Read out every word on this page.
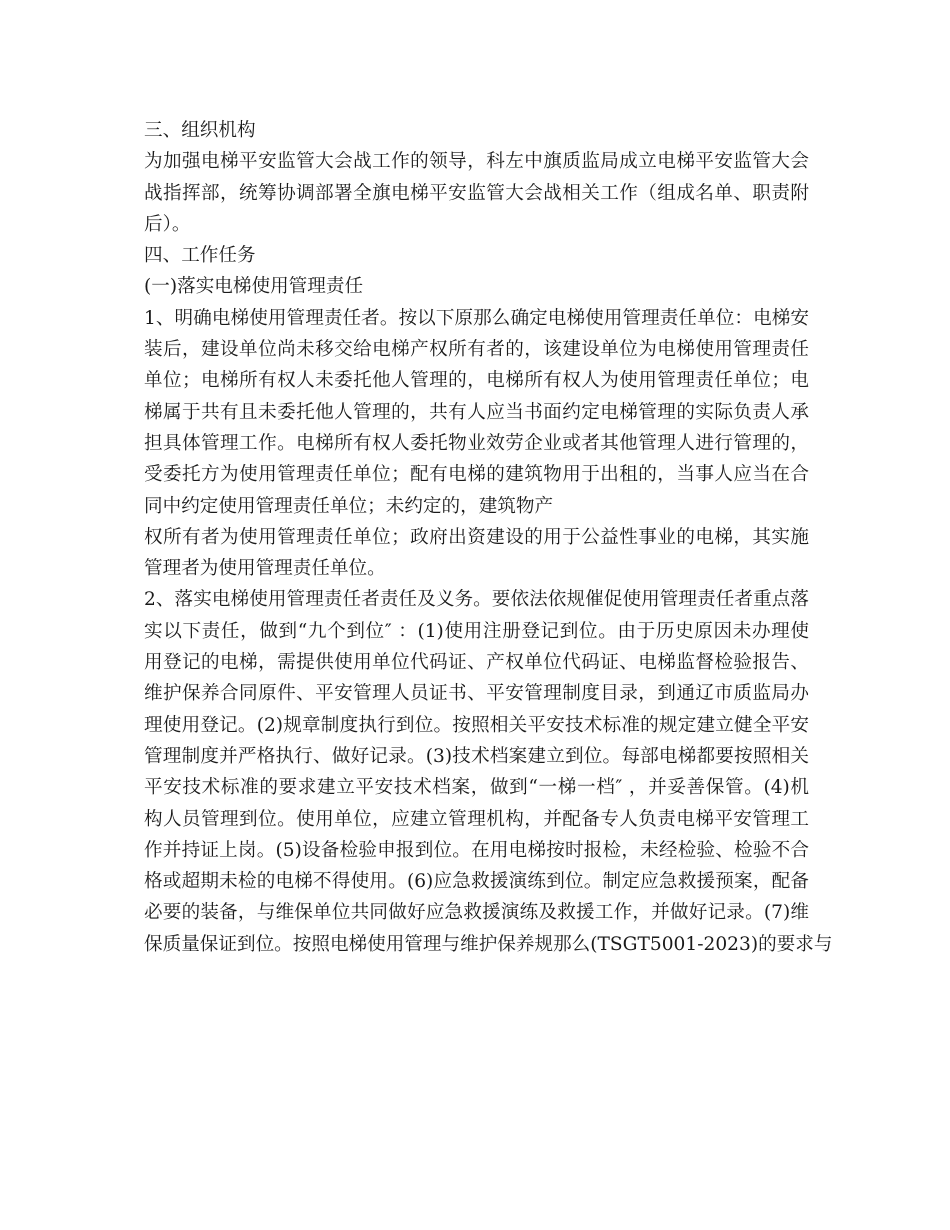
三、组织机构
为加强电梯平安监管大会战工作的领导，科左中旗质监局成立电梯平安监管大会
战指挥部，统筹协调部署全旗电梯平安监管大会战相关工作（组成名单、职责附
后）。
四、工作任务
(一)落实电梯使用管理责任
1、明确电梯使用管理责任者。按以下原那么确定电梯使用管理责任单位：电梯安
装后，建设单位尚未移交给电梯产权所有者的，该建设单位为电梯使用管理责任
单位；电梯所有权人未委托他人管理的，电梯所有权人为使用管理责任单位；电
梯属于共有且未委托他人管理的，共有人应当书面约定电梯管理的实际负责人承
担具体管理工作。电梯所有权人委托物业效劳企业或者其他管理人进行管理的，
受委托方为使用管理责任单位；配有电梯的建筑物用于出租的，当事人应当在合
同中约定使用管理责任单位；未约定的，建筑物产
权所有者为使用管理责任单位；政府出资建设的用于公益性事业的电梯，其实施
管理者为使用管理责任单位。
2、落实电梯使用管理责任者责任及义务。要依法依规催促使用管理责任者重点落
实以下责任，做到“九个到位″ ：(1)使用注册登记到位。由于历史原因未办理使
用登记的电梯，需提供使用单位代码证、产权单位代码证、电梯监督检验报告、
维护保养合同原件、平安管理人员证书、平安管理制度目录，到通辽市质监局办
理使用登记。(2)规章制度执行到位。按照相关平安技术标准的规定建立健全平安
管理制度并严格执行、做好记录。(3)技术档案建立到位。每部电梯都要按照相关
平安技术标准的要求建立平安技术档案，做到“一梯一档″ ，并妥善保管。(4)机
构人员管理到位。使用单位，应建立管理机构，并配备专人负责电梯平安管理工
作并持证上岗。(5)设备检验申报到位。在用电梯按时报检，未经检验、检验不合
格或超期未检的电梯不得使用。(6)应急救援演练到位。制定应急救援预案，配备
必要的装备，与维保单位共同做好应急救援演练及救援工作，并做好记录。(7)维
保质量保证到位。按照电梯使用管理与维护保养规那么(TSGT5001-2023)的要求与
